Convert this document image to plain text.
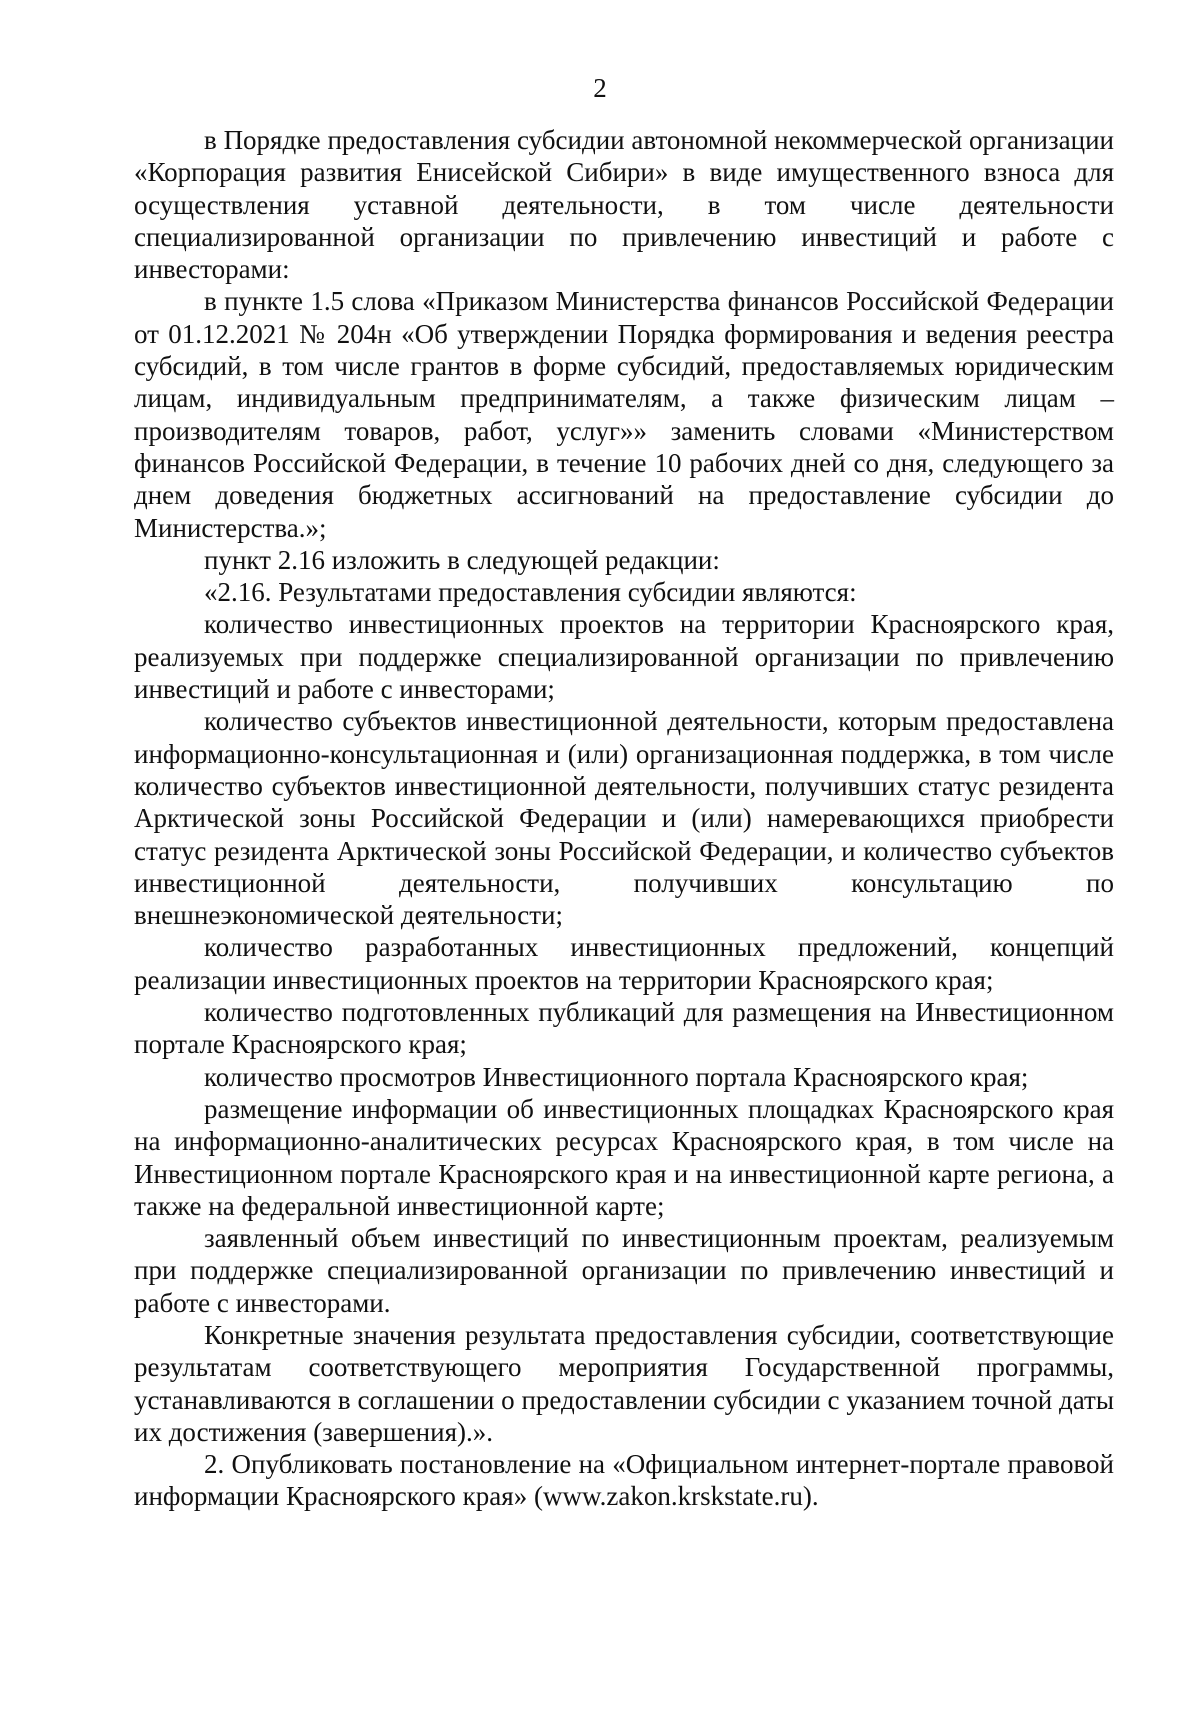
2

в Порядке предоставления субсидии автономной некоммерческой организации «Корпорация развития Енисейской Сибири» в виде имущественного взноса для осуществления уставной деятельности, в том числе деятельности специализированной организации по привлечению инвестиций и работе с инвесторами:

в пункте 1.5 слова «Приказом Министерства финансов Российской Федерации от 01.12.2021 № 204н «Об утверждении Порядка формирования и ведения реестра субсидий, в том числе грантов в форме субсидий, предоставляемых юридическим лицам, индивидуальным предпринимателям, а также физическим лицам – производителям товаров, работ, услуг»» заменить словами «Министерством финансов Российской Федерации, в течение 10 рабочих дней со дня, следующего за днем доведения бюджетных ассигнований на предоставление субсидии до Министерства.»;

пункт 2.16 изложить в следующей редакции:

«2.16. Результатами предоставления субсидии являются:

количество инвестиционных проектов на территории Красноярского края, реализуемых при поддержке специализированной организации по привлечению инвестиций и работе с инвесторами;

количество субъектов инвестиционной деятельности, которым предоставлена информационно-консультационная и (или) организационная поддержка, в том числе количество субъектов инвестиционной деятельности, получивших статус резидента Арктической зоны Российской Федерации и (или) намеревающихся приобрести статус резидента Арктической зоны Российской Федерации, и количество субъектов инвестиционной деятельности, получивших консультацию по внешнеэкономической деятельности;

количество разработанных инвестиционных предложений, концепций реализации инвестиционных проектов на территории Красноярского края;

количество подготовленных публикаций для размещения на Инвестиционном портале Красноярского края;

количество просмотров Инвестиционного портала Красноярского края;

размещение информации об инвестиционных площадках Красноярского края на информационно-аналитических ресурсах Красноярского края, в том числе на Инвестиционном портале Красноярского края и на инвестиционной карте региона, а также на федеральной инвестиционной карте;

заявленный объем инвестиций по инвестиционным проектам, реализуемым при поддержке специализированной организации по привлечению инвестиций и работе с инвесторами.

Конкретные значения результата предоставления субсидии, соответствующие результатам соответствующего мероприятия Государственной программы, устанавливаются в соглашении о предоставлении субсидии с указанием точной даты их достижения (завершения).».

2. Опубликовать постановление на «Официальном интернет-портале правовой информации Красноярского края» (www.zakon.krskstate.ru).
